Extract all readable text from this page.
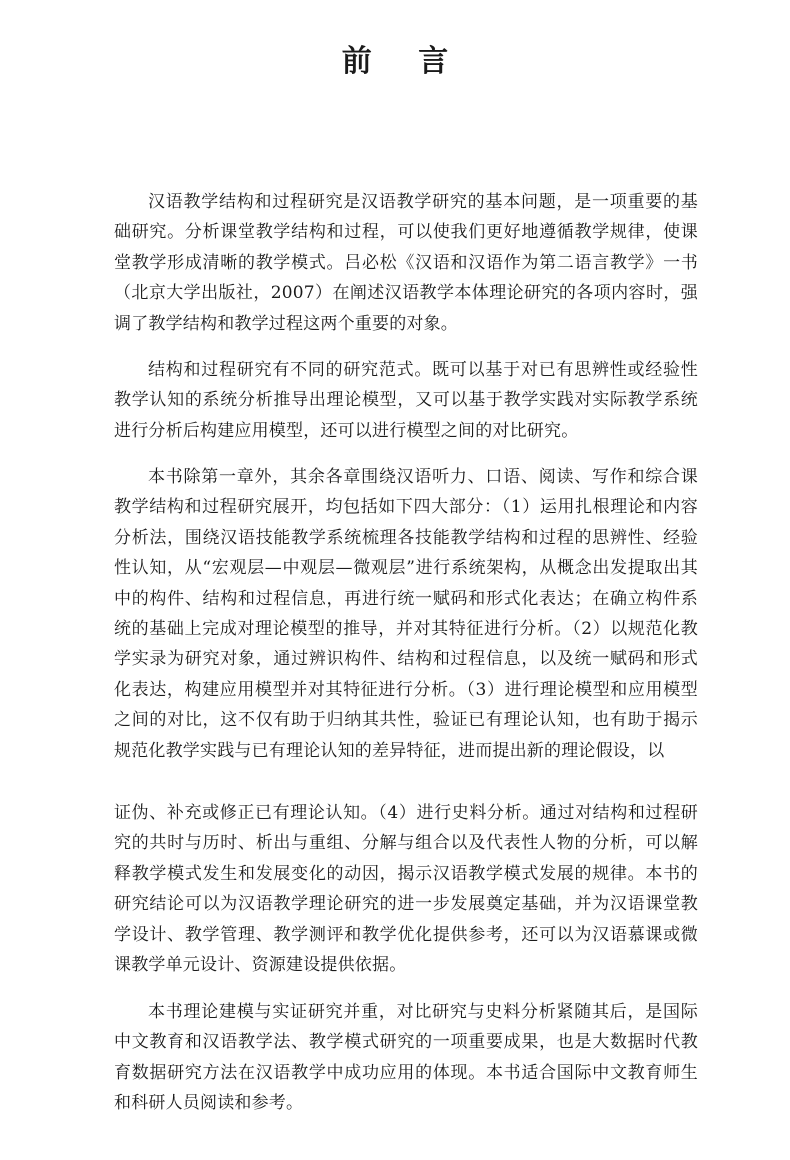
前 言

汉语教学结构和过程研究是汉语教学研究的基本问题，是一项重要的基础研究。分析课堂教学结构和过程，可以使我们更好地遵循教学规律，使课堂教学形成清晰的教学模式。吕必松《汉语和汉语作为第二语言教学》一书（北京大学出版社，2007）在阐述汉语教学本体理论研究的各项内容时，强调了教学结构和教学过程这两个重要的对象。

结构和过程研究有不同的研究范式。既可以基于对已有思辨性或经验性教学认知的系统分析推导出理论模型，又可以基于教学实践对实际教学系统进行分析后构建应用模型，还可以进行模型之间的对比研究。

本书除第一章外，其余各章围绕汉语听力、口语、阅读、写作和综合课教学结构和过程研究展开，均包括如下四大部分：（1）运用扎根理论和内容分析法，围绕汉语技能教学系统梳理各技能教学结构和过程的思辨性、经验性认知，从“宏观层—中观层—微观层”进行系统架构，从概念出发提取出其中的构件、结构和过程信息，再进行统一赋码和形式化表达；在确立构件系统的基础上完成对理论模型的推导，并对其特征进行分析。（2）以规范化教学实录为研究对象，通过辨识构件、结构和过程信息，以及统一赋码和形式化表达，构建应用模型并对其特征进行分析。（3）进行理论模型和应用模型之间的对比，这不仅有助于归纳其共性，验证已有理论认知，也有助于揭示规范化教学实践与已有理论认知的差异特征，进而提出新的理论假设，以

证伪、补充或修正已有理论认知。（4）进行史料分析。通过对结构和过程研究的共时与历时、析出与重组、分解与组合以及代表性人物的分析，可以解释教学模式发生和发展变化的动因，揭示汉语教学模式发展的规律。本书的研究结论可以为汉语教学理论研究的进一步发展奠定基础，并为汉语课堂教学设计、教学管理、教学测评和教学优化提供参考，还可以为汉语慕课或微课教学单元设计、资源建设提供依据。

本书理论建模与实证研究并重，对比研究与史料分析紧随其后，是国际中文教育和汉语教学法、教学模式研究的一项重要成果，也是大数据时代教育数据研究方法在汉语教学中成功应用的体现。本书适合国际中文教育师生和科研人员阅读和参考。
